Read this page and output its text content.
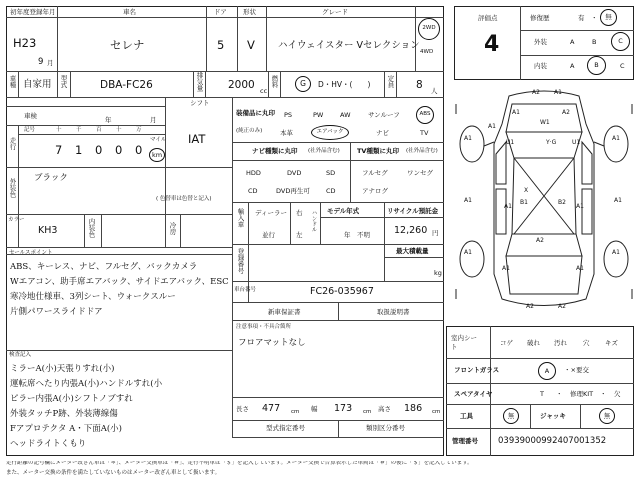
初年度登録年月
H23
9 月
車名
セレナ
ドア
5
形状
V
グレード
ハイウェイスター Vセレクション
2WD
4WD
車種 自家用 型式	DBA-FC26	排気量 2000 cc
燃料	G	D・HV・(　　) 定員 8 人
車検	年	月
走行
シフト
IAT
記号	十	千	百	十	万
7 1 0 0 0
マイル
km
外装色 ブラック
( 色替車は色替と記入)
カラー
KH3	内装色	冷房
装備品に丸印
(純正のみ)
PS	PW	AW	サンルーフ	ABS
本革	エアバック	ナビ	TV
ナビ種類に丸印 (社外品含む)
HDD	DVD	SD
CD	DVD再生可 CD
TV種類に丸印 (社外品含む)
フルセグ	ワンセグ
アナログ
輸入車 ディーラー
並行
右
左
ハンドル モデル年式
年　不明
リサイクル預託金
12,260 円
登録番号	最大積載量
kg
車台番号	FC26-035967
新車保証書	取扱説明書
注意事項・不具合箇所
フロアマットなし
セールスポイント
ABS、キーレス、ナビ、フルセグ、バックカメラ
Wエアコン、助手席エアバック、サイドエアバック、ESC
寒冷地仕様車、3列シート、ウォークスルー
片側パワースライドドア
検査記入
ミラーA(小)天張りすれ(小)
運転席へたり内張A(小)ハンドルすれ(小
ピラー内張A(小)シフトノブすれ
外装タッチP跡、外装薄線傷
Fアプロテクタ A・下面A(小)
ヘッドライトくもり
長さ 477 cm 幅 173 cm 高さ 186 cm
型式指定番号	類別区分番号
評価点
4
修復歴	有 ・	無
外装	A	B	C
内装	A	B	C
A2 A1
A1	A2
A1
U1	U1
A1	A1
W1
X
B1	B2
A1	A1
A1	A1
A2
A1	A1
A1	A1
A2	A2
Y·G
室内シート
コゲ 破れ 汚れ 穴 キズ
フロントガラス	A	・×要交
スペアタイヤ	T ・ 修理KIT ・ 欠
工具	無	ジャッキ	無
管理番号 03939000992407001352
走行距離の記号欄にメーター改ざん車は「＊」、メーター交換車は「＃」、走行不明車は「＄」を記入しています。メーター交換で合算表示した車両は「＃」の後に「＄」を記入しています。
また、メーター交換の条件を満たしていないものはメーター改ざん車として扱います。
